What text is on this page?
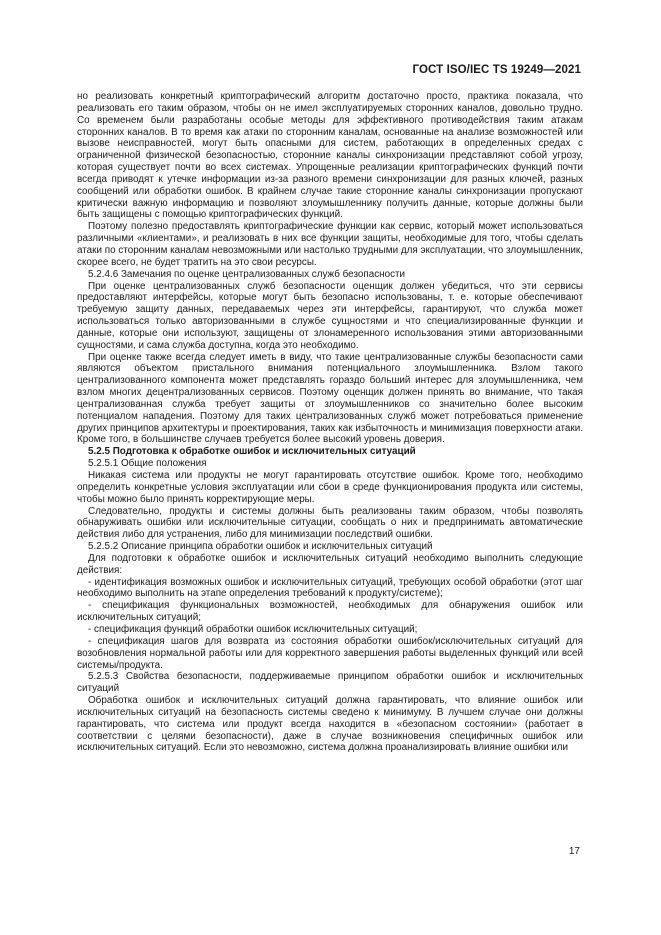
ГОСТ ISO/IEC TS 19249—2021

но реализовать конкретный криптографический алгоритм достаточно просто, практика показала, что реализовать его таким образом, чтобы он не имел эксплуатируемых сторонних каналов, довольно трудно. Со временем были разработаны особые методы для эффективного противодействия таким атакам сторонних каналов. В то время как атаки по сторонним каналам, основанные на анализе возможностей или вызове неисправностей, могут быть опасными для систем, работающих в определенных средах с ограниченной физической безопасностью, сторонние каналы синхронизации представляют собой угрозу, которая существует почти во всех системах. Упрощенные реализации криптографических функций почти всегда приводят к утечке информации из-за разного времени синхронизации для разных ключей, разных сообщений или обработки ошибок. В крайнем случае такие сторонние каналы синхронизации пропускают критически важную информацию и позволяют злоумышленнику получить данные, которые должны были быть защищены с помощью криптографических функций.

Поэтому полезно предоставлять криптографические функции как сервис, который может использоваться различными «клиентами», и реализовать в них все функции защиты, необходимые для того, чтобы сделать атаки по сторонним каналам невозможными или настолько трудными для эксплуатации, что злоумышленник, скорее всего, не будет тратить на это свои ресурсы.

5.2.4.6 Замечания по оценке централизованных служб безопасности

При оценке централизованных служб безопасности оценщик должен убедиться, что эти сервисы предоставляют интерфейсы, которые могут быть безопасно использованы, т. е. которые обеспечивают требуемую защиту данных, передаваемых через эти интерфейсы, гарантируют, что служба может использоваться только авторизованными в службе сущностями и что специализированные функции и данные, которые они используют, защищены от злонамеренного использования этими авторизованными сущностями, и сама служба доступна, когда это необходимо.

При оценке также всегда следует иметь в виду, что такие централизованные службы безопасности сами являются объектом пристального внимания потенциального злоумышленника. Взлом такого централизованного компонента может представлять гораздо больший интерес для злоумышленника, чем взлом многих децентрализованных сервисов. Поэтому оценщик должен принять во внимание, что такая централизованная служба требует защиты от злоумышленников со значительно более высоким потенциалом нападения. Поэтому для таких централизованных служб может потребоваться применение других принципов архитектуры и проектирования, таких как избыточность и минимизация поверхности атаки. Кроме того, в большинстве случаев требуется более высокий уровень доверия.

5.2.5 Подготовка к обработке ошибок и исключительных ситуаций

5.2.5.1 Общие положения

Никакая система или продукты не могут гарантировать отсутствие ошибок. Кроме того, необходимо определить конкретные условия эксплуатации или сбои в среде функционирования продукта или системы, чтобы можно было принять корректирующие меры.

Следовательно, продукты и системы должны быть реализованы таким образом, чтобы позволять обнаруживать ошибки или исключительные ситуации, сообщать о них и предпринимать автоматические действия либо для устранения, либо для минимизации последствий ошибки.

5.2.5.2 Описание принципа обработки ошибок и исключительных ситуаций

Для подготовки к обработке ошибок и исключительных ситуаций необходимо выполнить следующие действия:

- идентификация возможных ошибок и исключительных ситуаций, требующих особой обработки (этот шаг необходимо выполнить на этапе определения требований к продукту/системе);

- спецификация функциональных возможностей, необходимых для обнаружения ошибок или исключительных ситуаций;

- спецификация функций обработки ошибок исключительных ситуаций;

- спецификация шагов для возврата из состояния обработки ошибок/исключительных ситуаций для возобновления нормальной работы или для корректного завершения работы выделенных функций или всей системы/продукта.

5.2.5.3 Свойства безопасности, поддерживаемые принципом обработки ошибок и исключительных ситуаций

Обработка ошибок и исключительных ситуаций должна гарантировать, что влияние ошибок или исключительных ситуаций на безопасность системы сведено к минимуму. В лучшем случае они должны гарантировать, что система или продукт всегда находится в «безопасном состоянии» (работает в соответствии с целями безопасности), даже в случае возникновения специфичных ошибок или исключительных ситуаций. Если это невозможно, система должна проанализировать влияние ошибки или

17
